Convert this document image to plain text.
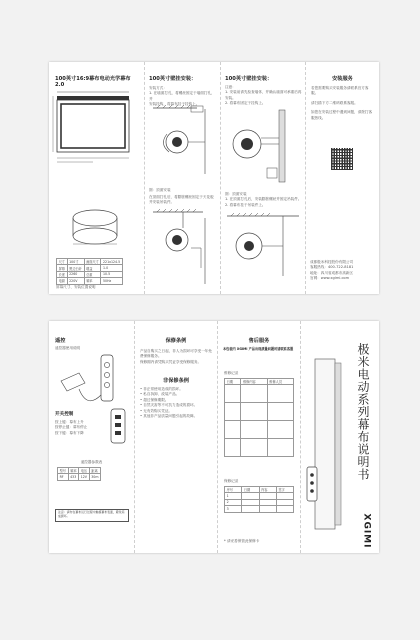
100英寸16:9幕布电动光学幕布2.0
尺寸	100寸	画面尺寸	221x124.5
屏幕	黑边白纤	增益	1.0
长度	2260	总重	10.5
电源	220V	频率	50Hz
屏幕尺寸、安装位置说明
100英寸壁挂安装：
安装方式：
1. 在墙面打孔，将螺丝固定于墙面打孔，并
安装挂钩，将幕布挂于挂钩上。
图：顶面安装
在顶面打孔后，将膨胀螺丝固定于天花板
并安装吊装件。
100英寸壁挂安装：
注意：
1. 安装前请先检查墙体，并确认墙面可承重后再安装。
2. 将幕布固定于挂钩上。
图：顶面安装
1. 在顶面打孔后，安装膨胀螺丝并固定吊装件。
2. 将幕布挂于吊装件上。
安装服务
若您需要购买安装服务请联系官方客服。
请扫描下方二维码联系客服。
如您在安装过程中遇到问题，请拨打客服热线。
成都极米科技股份有限公司
客服热线：400-722-8181
地址：四川省成都市高新区
官网：www.xgimi.com
遥控
遥控器使用说明
开关控制
按上键：幕布上升
按停止键：幕布停止
按下键：幕布下降
遥控器参数表
型号	频率	电压	距离
RF	433	12V	30m
注意：请勿在幕布运行过程中触摸幕布表面，避免造成损坏。
保修条例
产品自购买之日起，非人为损坏可享受一年免费保修服务。
保修期内请凭购买凭证享受保修服务。
非保修条例
• 非正常使用造成的损坏。
• 私自拆卸、改装产品。
• 超过保修期限。
• 自然灾害等不可抗力造成的损坏。
• 无有效购买凭证。
• 其他非产品质量问题引起的故障。
售后服务
本包装内 XGIMI 产品出现质量问题时请联系客服
维修记录
日期	维修内容	维修人员

保修记录
序号	日期	内容	签字
1			
2			
3			
* 请妥善保管此保修卡
极米电动系列幕布说明书
XGIMI
